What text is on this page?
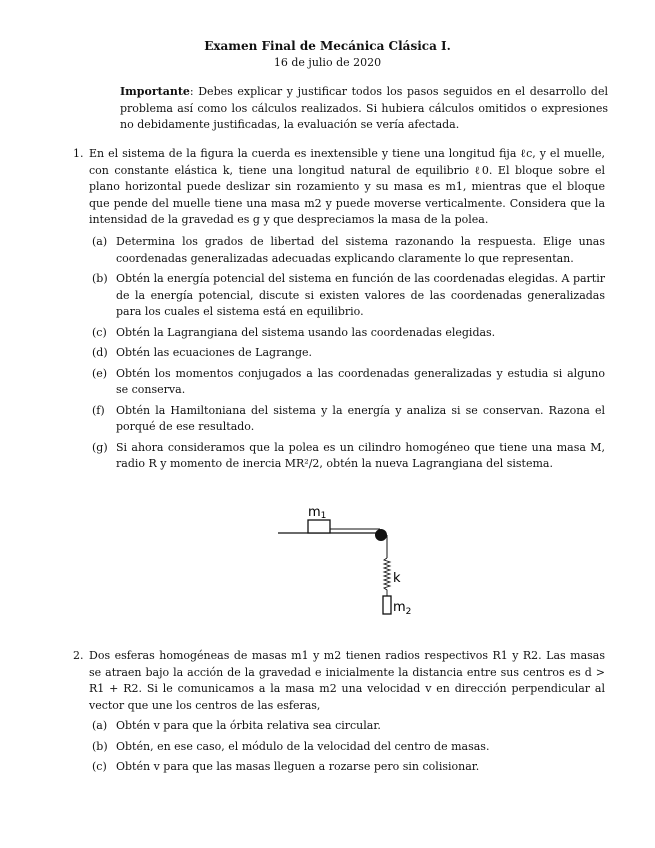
Examen Final de Mecánica Clásica I.
16 de julio de 2020
Importante: Debes explicar y justificar todos los pasos seguidos en el desarrollo del problema así como los cálculos realizados. Si hubiera cálculos omitidos o expresiones no debidamente justificadas, la evaluación se vería afectada.
1. En el sistema de la figura la cuerda es inextensible y tiene una longitud fija ℓc, y el muelle, con constante elástica k, tiene una longitud natural de equilibrio ℓ0. El bloque sobre el plano horizontal puede deslizar sin rozamiento y su masa es m1, mientras que el bloque que pende del muelle tiene una masa m2 y puede moverse verticalmente. Considera que la intensidad de la gravedad es g y que despreciamos la masa de la polea.
(a) Determina los grados de libertad del sistema razonando la respuesta. Elige unas coordenadas generalizadas adecuadas explicando claramente lo que representan.
(b) Obtén la energía potencial del sistema en función de las coordenadas elegidas. A partir de la energía potencial, discute si existen valores de las coordenadas generalizadas para los cuales el sistema está en equilibrio.
(c) Obtén la Lagrangiana del sistema usando las coordenadas elegidas.
(d) Obtén las ecuaciones de Lagrange.
(e) Obtén los momentos conjugados a las coordenadas generalizadas y estudia si alguno se conserva.
(f) Obtén la Hamiltoniana del sistema y la energía y analiza si se conservan. Razona el porqué de ese resultado.
(g) Si ahora consideramos que la polea es un cilindro homogéneo que tiene una masa M, radio R y momento de inercia MR²/2, obtén la nueva Lagrangiana del sistema.
m1
k
$m_2$
2. Dos esferas homogéneas de masas m1 y m2 tienen radios respectivos R1 y R2. Las masas se atraen bajo la acción de la gravedad e inicialmente la distancia entre sus centros es d > R1 + R2. Si le comunicamos a la masa m2 una velocidad v en dirección perpendicular al vector que une los centros de las esferas,
(a) Obtén v para que la órbita relativa sea circular.
(b) Obtén, en ese caso, el módulo de la velocidad del centro de masas.
(c) Obtén v para que las masas lleguen a rozarse pero sin colisionar.
